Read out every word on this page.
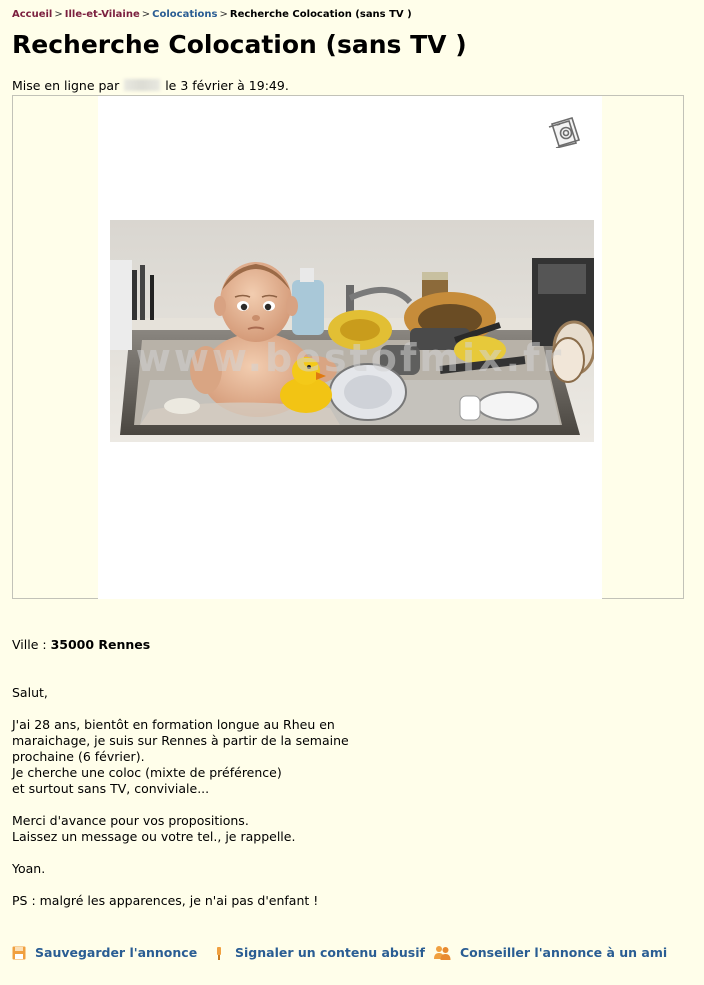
Accueil > Ille-et-Vilaine > Colocations > Recherche Colocation (sans TV )
Recherche Colocation (sans TV )
Mise en ligne par	le 3 février à 19:49.
www.bestofmix.fr
Ville : 35000 Rennes

Salut,

J'ai 28 ans, bientôt en formation longue au Rheu en
maraichage, je suis sur Rennes à partir de la semaine
prochaine (6 février).
Je cherche une coloc (mixte de préférence)
et surtout sans TV, conviviale...

Merci d'avance pour vos propositions.
Laissez un message ou votre tel., je rappelle.

Yoan.

PS : malgré les apparences, je n'ai pas d'enfant !

Sauvegarder l'annonce	Signaler un contenu abusif	Conseiller l'annonce à un ami
